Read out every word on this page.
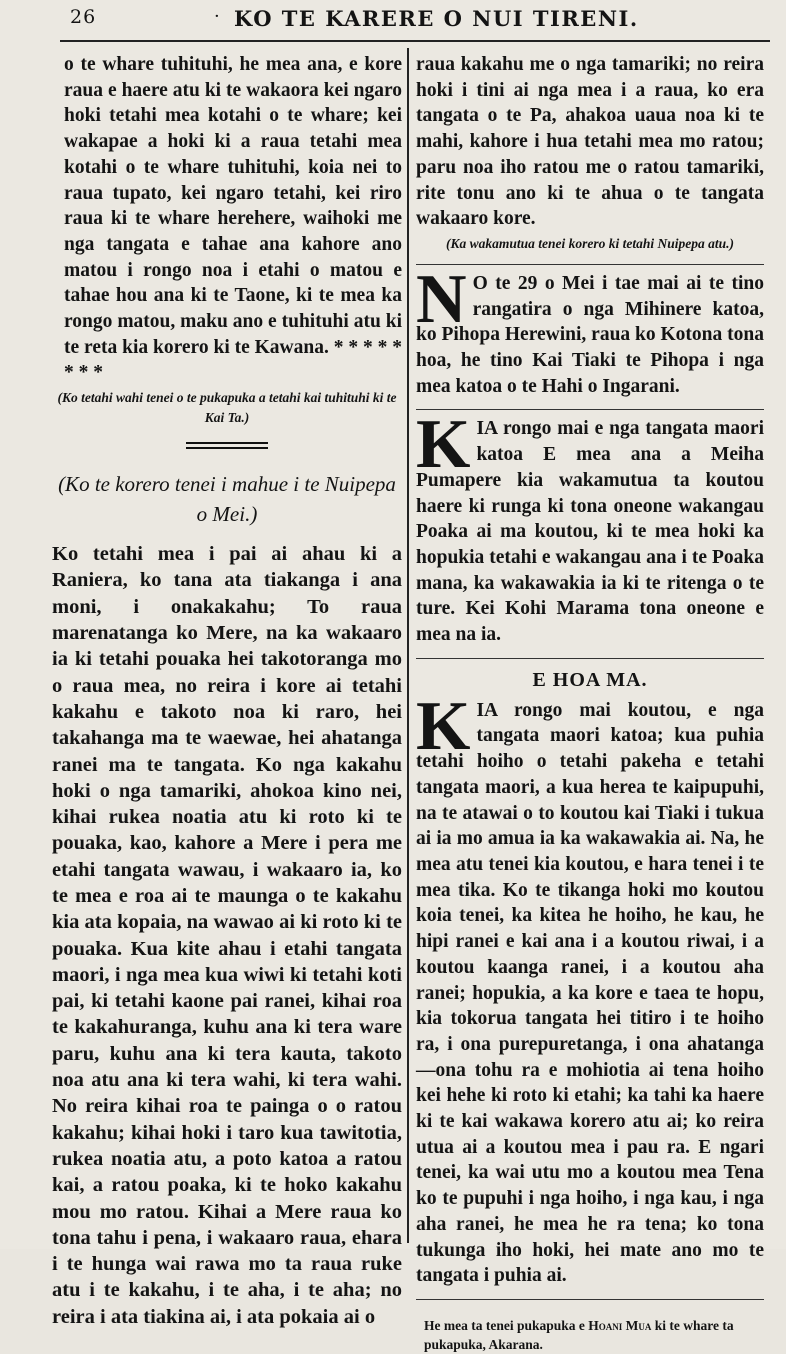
26	· KO TE KARERE O NUI TIRENI.

o te whare tuhituhi, he mea ana, e kore raua e haere atu ki te wakaora kei ngaro hoki tetahi mea kotahi o te whare; kei wakapae a hoki ki a raua tetahi mea kotahi o te whare tuhituhi, koia nei to raua tupato, kei ngaro tetahi, kei riro raua ki te whare herehere, waihoki me nga tangata e tahae ana kahore ano matou i rongo noa i etahi o matou e tahae hou ana ki te Taone, ki te mea ka rongo matou, maku ano e tuhituhi atu ki te reta kia korero ki te Kawana. * * * * * * * *

(Ko tetahi wahi tenei o te pukapuka a tetahi kai tuhituhi ki te Kai Ta.)

(Ko te korero tenei i mahue i te Nuipepa o Mei.)

Ko tetahi mea i pai ai ahau ki a Raniera, ko tana ata tiakanga i ana moni, i onakakahu; To raua marenatanga ko Mere, na ka wakaaro ia ki tetahi pouaka hei takotoranga mo o raua mea, no reira i kore ai tetahi kakahu e takoto noa ki raro, hei takahanga ma te waewae, hei ahatanga ranei ma te tangata. Ko nga kakahu hoki o nga tamariki, ahokoa kino nei, kihai rukea noatia atu ki roto ki te pouaka, kao, kahore a Mere i pera me etahi tangata wawau, i wakaaro ia, ko te mea e roa ai te maunga o te kakahu kia ata kopaia, na wawao ai ki roto ki te pouaka. Kua kite ahau i etahi tangata maori, i nga mea kua wiwi ki tetahi koti pai, ki tetahi kaone pai ranei, kihai roa te kakahuranga, kuhu ana ki tera ware paru, kuhu ana ki tera kauta, takoto noa atu ana ki tera wahi, ki tera wahi. No reira kihai roa te painga o o ratou kakahu; kihai hoki i taro kua tawitotia, rukea noatia atu, a poto katoa a ratou kai, a ratou poaka, ki te hoko kakahu mou mo ratou. Kihai a Mere raua ko tona tahu i pena, i wakaaro raua, ehara i te hunga wai rawa mo ta raua ruke atu i te kakahu, i te aha, i te aha; no reira i ata tiakina ai, i ata pokaia ai o

raua kakahu me o nga tamariki; no reira hoki i tini ai nga mea i a raua, ko era tangata o te Pa, ahakoa uaua noa ki te mahi, kahore i hua tetahi mea mo ratou; paru noa iho ratou me o ratou tamariki, rite tonu ano ki te ahua o te tangata wakaaro kore.

(Ka wakamutua tenei korero ki tetahi Nuipepa atu.)

N O te 29 o Mei i tae mai ai te tino rangatira o nga Mihinere katoa, ko Pihopa Herewini, raua ko Kotona tona hoa, he tino Kai Tiaki te Pihopa i nga mea katoa o te Hahi o Ingarani.

K IA rongo mai e nga tangata maori katoa E mea ana a Meiha Pumapere kia wakamutua ta koutou haere ki runga ki tona oneone wakangau Poaka ai ma koutou, ki te mea hoki ka hopukia tetahi e wakangau ana i te Poaka mana, ka wakawakia ia ki te ritenga o te ture. Kei Kohi Marama tona oneone e mea na ia.

E HOA MA.

K IA rongo mai koutou, e nga tangata maori katoa; kua puhia tetahi hoiho o tetahi pakeha e tetahi tangata maori, a kua herea te kaipupuhi, na te atawai o to koutou kai Tiaki i tukua ai ia mo amua ia ka wakawakia ai. Na, he mea atu tenei kia koutou, e hara tenei i te mea tika. Ko te tikanga hoki mo koutou koia tenei, ka kitea he hoiho, he kau, he hipi ranei e kai ana i a koutou riwai, i a koutou kaanga ranei, i a koutou aha ranei; hopukia, a ka kore e taea te hopu, kia tokorua tangata hei titiro i te hoiho ra, i ona purepuretanga, i ona ahatanga—ona tohu ra e mohiotia ai tena hoiho kei hehe ki roto ki etahi; ka tahi ka haere ki te kai wakawa korero atu ai; ko reira utua ai a koutou mea i pau ra. E ngari tenei, ka wai utu mo a koutou mea Tena ko te pupuhi i nga hoiho, i nga kau, i nga aha ranei, he mea he ra tena; ko tona tukunga iho hoki, hei mate ano mo te tangata i puhia ai.

He mea ta tenei pukapuka e Hoani Mua ki te whare ta pukapuka, Akarana.
